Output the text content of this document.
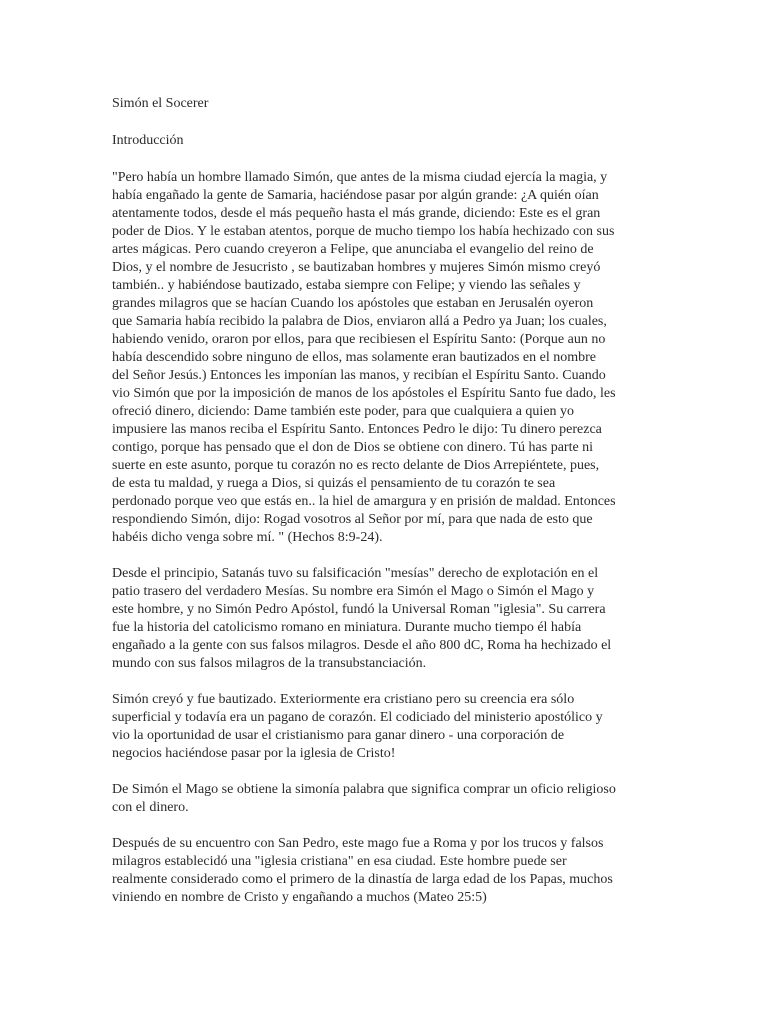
Simón el Socerer
Introducción
"Pero había un hombre llamado Simón, que antes de la misma ciudad ejercía la magia, y
había engañado la gente de Samaria, haciéndose pasar por algún grande: ¿A quién oían
atentamente todos, desde el más pequeño hasta el más grande, diciendo: Este es el gran
poder de Dios. Y le estaban atentos, porque de mucho tiempo los había hechizado con sus
artes mágicas. Pero cuando creyeron a Felipe, que anunciaba el evangelio del reino de
Dios, y el nombre de Jesucristo , se bautizaban hombres y mujeres Simón mismo creyó
también.. y habiéndose bautizado, estaba siempre con Felipe; y viendo las señales y
grandes milagros que se hacían Cuando los apóstoles que estaban en Jerusalén oyeron
que Samaria había recibido la palabra de Dios, enviaron allá a Pedro ya Juan; los cuales,
habiendo venido, oraron por ellos, para que recibiesen el Espíritu Santo: (Porque aun no
había descendido sobre ninguno de ellos, mas solamente eran bautizados en el nombre
del Señor Jesús.) Entonces les imponían las manos, y recibían el Espíritu Santo. Cuando
vio Simón que por la imposición de manos de los apóstoles el Espíritu Santo fue dado, les
ofreció dinero, diciendo: Dame también este poder, para que cualquiera a quien yo
impusiere las manos reciba el Espíritu Santo. Entonces Pedro le dijo: Tu dinero perezca
contigo, porque has pensado que el don de Dios se obtiene con dinero. Tú has parte ni
suerte en este asunto, porque tu corazón no es recto delante de Dios Arrepiéntete, pues,
de esta tu maldad, y ruega a Dios, si quizás el pensamiento de tu corazón te sea
perdonado porque veo que estás en.. la hiel de amargura y en prisión de maldad. Entonces
respondiendo Simón, dijo: Rogad vosotros al Señor por mí, para que nada de esto que
habéis dicho venga sobre mí. " (Hechos 8:9-24).
Desde el principio, Satanás tuvo su falsificación "mesías" derecho de explotación en el
patio trasero del verdadero Mesías. Su nombre era Simón el Mago o Simón el Mago y
este hombre, y no Simón Pedro Apóstol, fundó la Universal Roman "iglesia". Su carrera
fue la historia del catolicismo romano en miniatura. Durante mucho tiempo él había
engañado a la gente con sus falsos milagros. Desde el año 800 dC, Roma ha hechizado el
mundo con sus falsos milagros de la transubstanciación.
Simón creyó y fue bautizado. Exteriormente era cristiano pero su creencia era sólo
superficial y todavía era un pagano de corazón. El codiciado del ministerio apostólico y
vio la oportunidad de usar el cristianismo para ganar dinero - una corporación de
negocios haciéndose pasar por la iglesia de Cristo!
De Simón el Mago se obtiene la simonía palabra que significa comprar un oficio religioso
con el dinero.
Después de su encuentro con San Pedro, este mago fue a Roma y por los trucos y falsos
milagros establecidó una "iglesia cristiana" en esa ciudad. Este hombre puede ser
realmente considerado como el primero de la dinastía de larga edad de los Papas, muchos
viniendo en nombre de Cristo y engañando a muchos (Mateo 25:5)
